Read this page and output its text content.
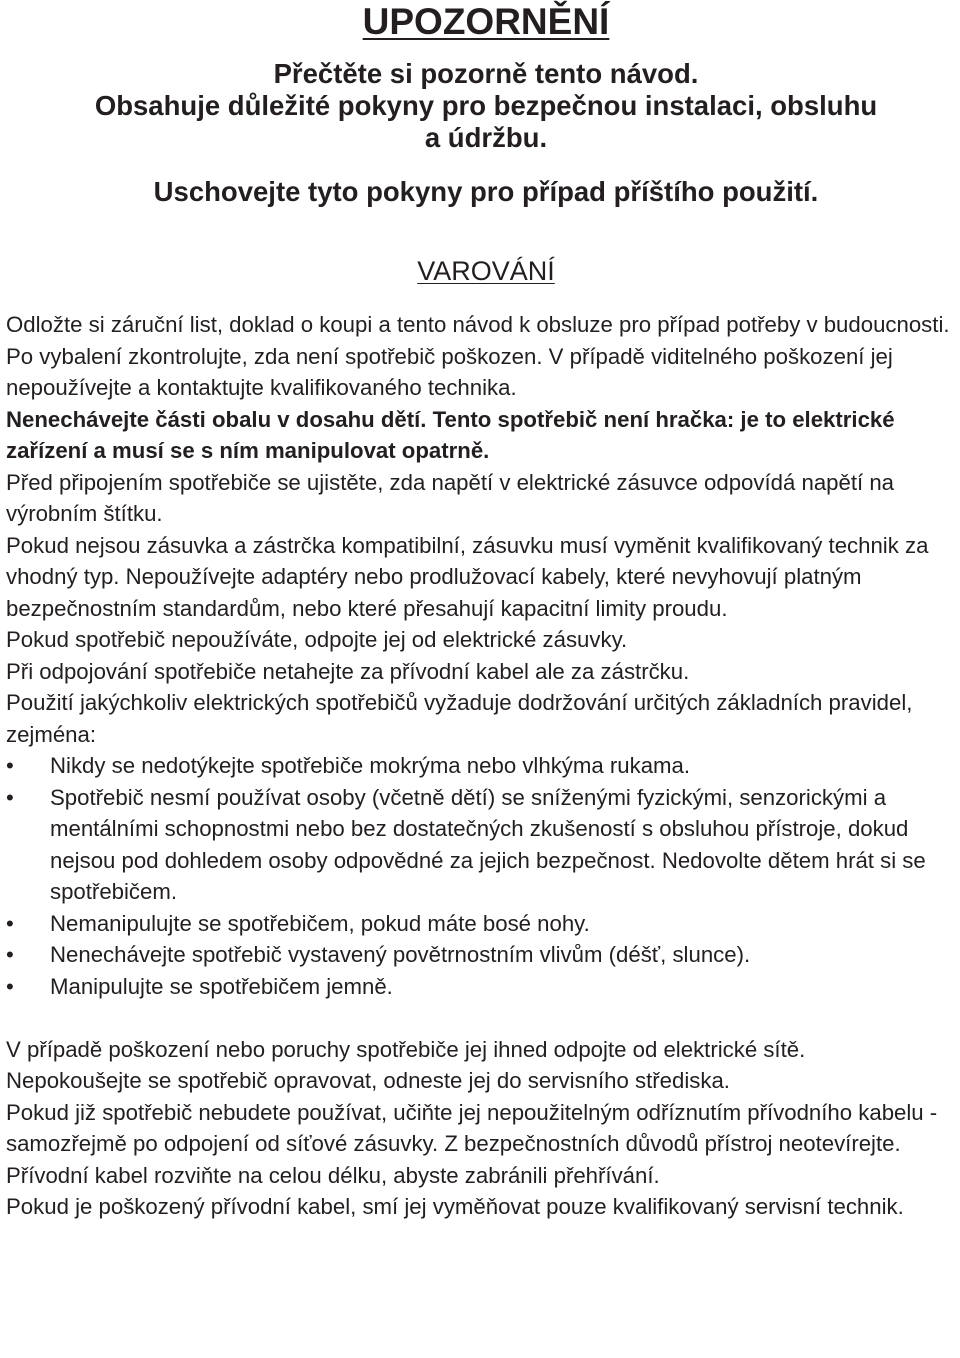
UPOZORNĚNÍ
Přečtěte si pozorně tento návod.
Obsahuje důležité pokyny pro bezpečnou instalaci, obsluhu
a údržbu.
Uschovejte tyto pokyny pro případ příštího použití.
VAROVÁNÍ

Odložte si záruční list, doklad o koupi a tento návod k obsluze pro případ potřeby v budoucnosti.

Po vybalení zkontrolujte, zda není spotřebič poškozen. V případě viditelného poškození jej nepoužívejte a kontaktujte kvalifikovaného technika.

Nenechávejte části obalu v dosahu dětí. Tento spotřebič není hračka: je to elektrické zařízení a musí se s ním manipulovat opatrně.

Před připojením spotřebiče se ujistěte, zda napětí v elektrické zásuvce odpovídá napětí na výrobním štítku.

Pokud nejsou zásuvka a zástrčka kompatibilní, zásuvku musí vyměnit kvalifikovaný technik za vhodný typ. Nepoužívejte adaptéry nebo prodlužovací kabely, které nevyhovují platným bezpečnostním standardům, nebo které přesahují kapacitní limity proudu.

Pokud spotřebič nepoužíváte, odpojte jej od elektrické zásuvky.

Při odpojování spotřebiče netahejte za přívodní kabel ale za zástrčku.

Použití jakýchkoliv elektrických spotřebičů vyžaduje dodržování určitých základních pravidel, zejména:

• Nikdy se nedotýkejte spotřebiče mokrýma nebo vlhkýma rukama.
• Spotřebič nesmí používat osoby (včetně dětí) se sníženými fyzickými, senzorickými a mentálními schopnostmi nebo bez dostatečných zkušeností s obsluhou přístroje, dokud nejsou pod dohledem osoby odpovědné za jejich bezpečnost. Nedovolte dětem hrát si se spotřebičem.
• Nemanipulujte se spotřebičem, pokud máte bosé nohy.
• Nenechávejte spotřebič vystavený povětrnostním vlivům (déšť, slunce).
• Manipulujte se spotřebičem jemně.

V případě poškození nebo poruchy spotřebiče jej ihned odpojte od elektrické sítě.

Nepokoušejte se spotřebič opravovat, odneste jej do servisního střediska.

Pokud již spotřebič nebudete používat, učiňte jej nepoužitelným odříznutím přívodního kabelu - samozřejmě po odpojení od síťové zásuvky. Z bezpečnostních důvodů přístroj neotevírejte.

Přívodní kabel rozviňte na celou délku, abyste zabránili přehřívání.

Pokud je poškozený přívodní kabel, smí jej vyměňovat pouze kvalifikovaný servisní technik.
